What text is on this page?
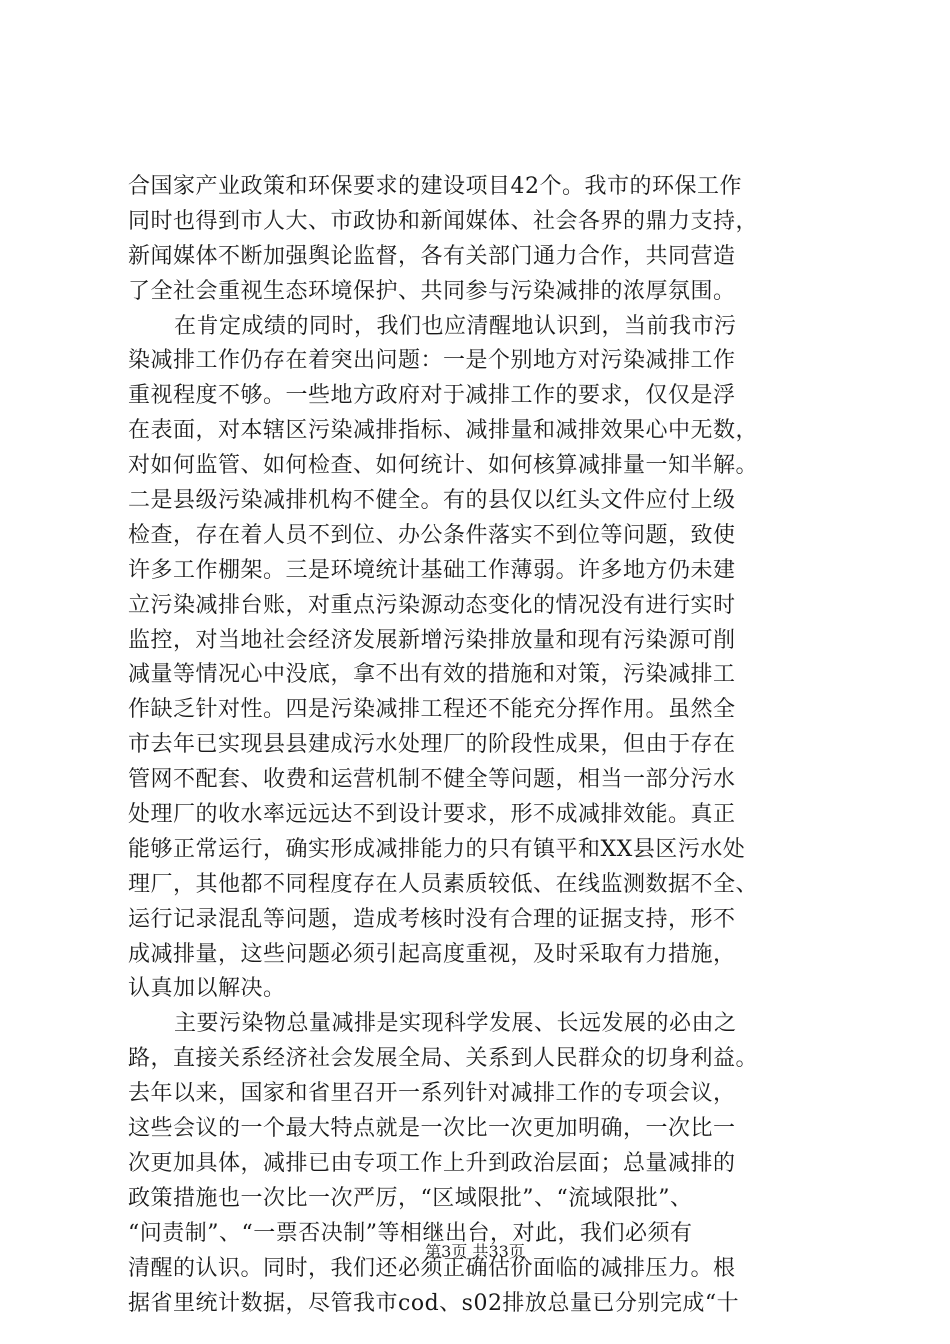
合国家产业政策和环保要求的建设项目42个。我市的环保工作
同时也得到市人大、市政协和新闻媒体、社会各界的鼎力支持，
新闻媒体不断加强舆论监督，各有关部门通力合作，共同营造
了全社会重视生态环境保护、共同参与污染减排的浓厚氛围。
在肯定成绩的同时，我们也应清醒地认识到，当前我市污
染减排工作仍存在着突出问题：一是个别地方对污染减排工作
重视程度不够。一些地方政府对于减排工作的要求，仅仅是浮
在表面，对本辖区污染减排指标、减排量和减排效果心中无数，
对如何监管、如何检查、如何统计、如何核算减排量一知半解。
二是县级污染减排机构不健全。有的县仅以红头文件应付上级
检查，存在着人员不到位、办公条件落实不到位等问题，致使
许多工作棚架。三是环境统计基础工作薄弱。许多地方仍未建
立污染减排台账，对重点污染源动态变化的情况没有进行实时
监控，对当地社会经济发展新增污染排放量和现有污染源可削
减量等情况心中没底，拿不出有效的措施和对策，污染减排工
作缺乏针对性。四是污染减排工程还不能充分挥作用。虽然全
市去年已实现县县建成污水处理厂的阶段性成果，但由于存在
管网不配套、收费和运营机制不健全等问题，相当一部分污水
处理厂的收水率远远达不到设计要求，形不成减排效能。真正
能够正常运行，确实形成减排能力的只有镇平和XX县区污水处
理厂，其他都不同程度存在人员素质较低、在线监测数据不全、
运行记录混乱等问题，造成考核时没有合理的证据支持，形不
成减排量，这些问题必须引起高度重视，及时采取有力措施，
认真加以解决。
主要污染物总量减排是实现科学发展、长远发展的必由之
路，直接关系经济社会发展全局、关系到人民群众的切身利益。
去年以来，国家和省里召开一系列针对减排工作的专项会议，
这些会议的一个最大特点就是一次比一次更加明确，一次比一
次更加具体，减排已由专项工作上升到政治层面；总量减排的
政策措施也一次比一次严厉，“区域限批”、“流域限批”、
“问责制”、“一票否决制”等相继出台，对此，我们必须有
清醒的认识。同时，我们还必须正确估价面临的减排压力。根
据省里统计数据，尽管我市cod、s02排放总量已分别完成“十
第3页 共33页
